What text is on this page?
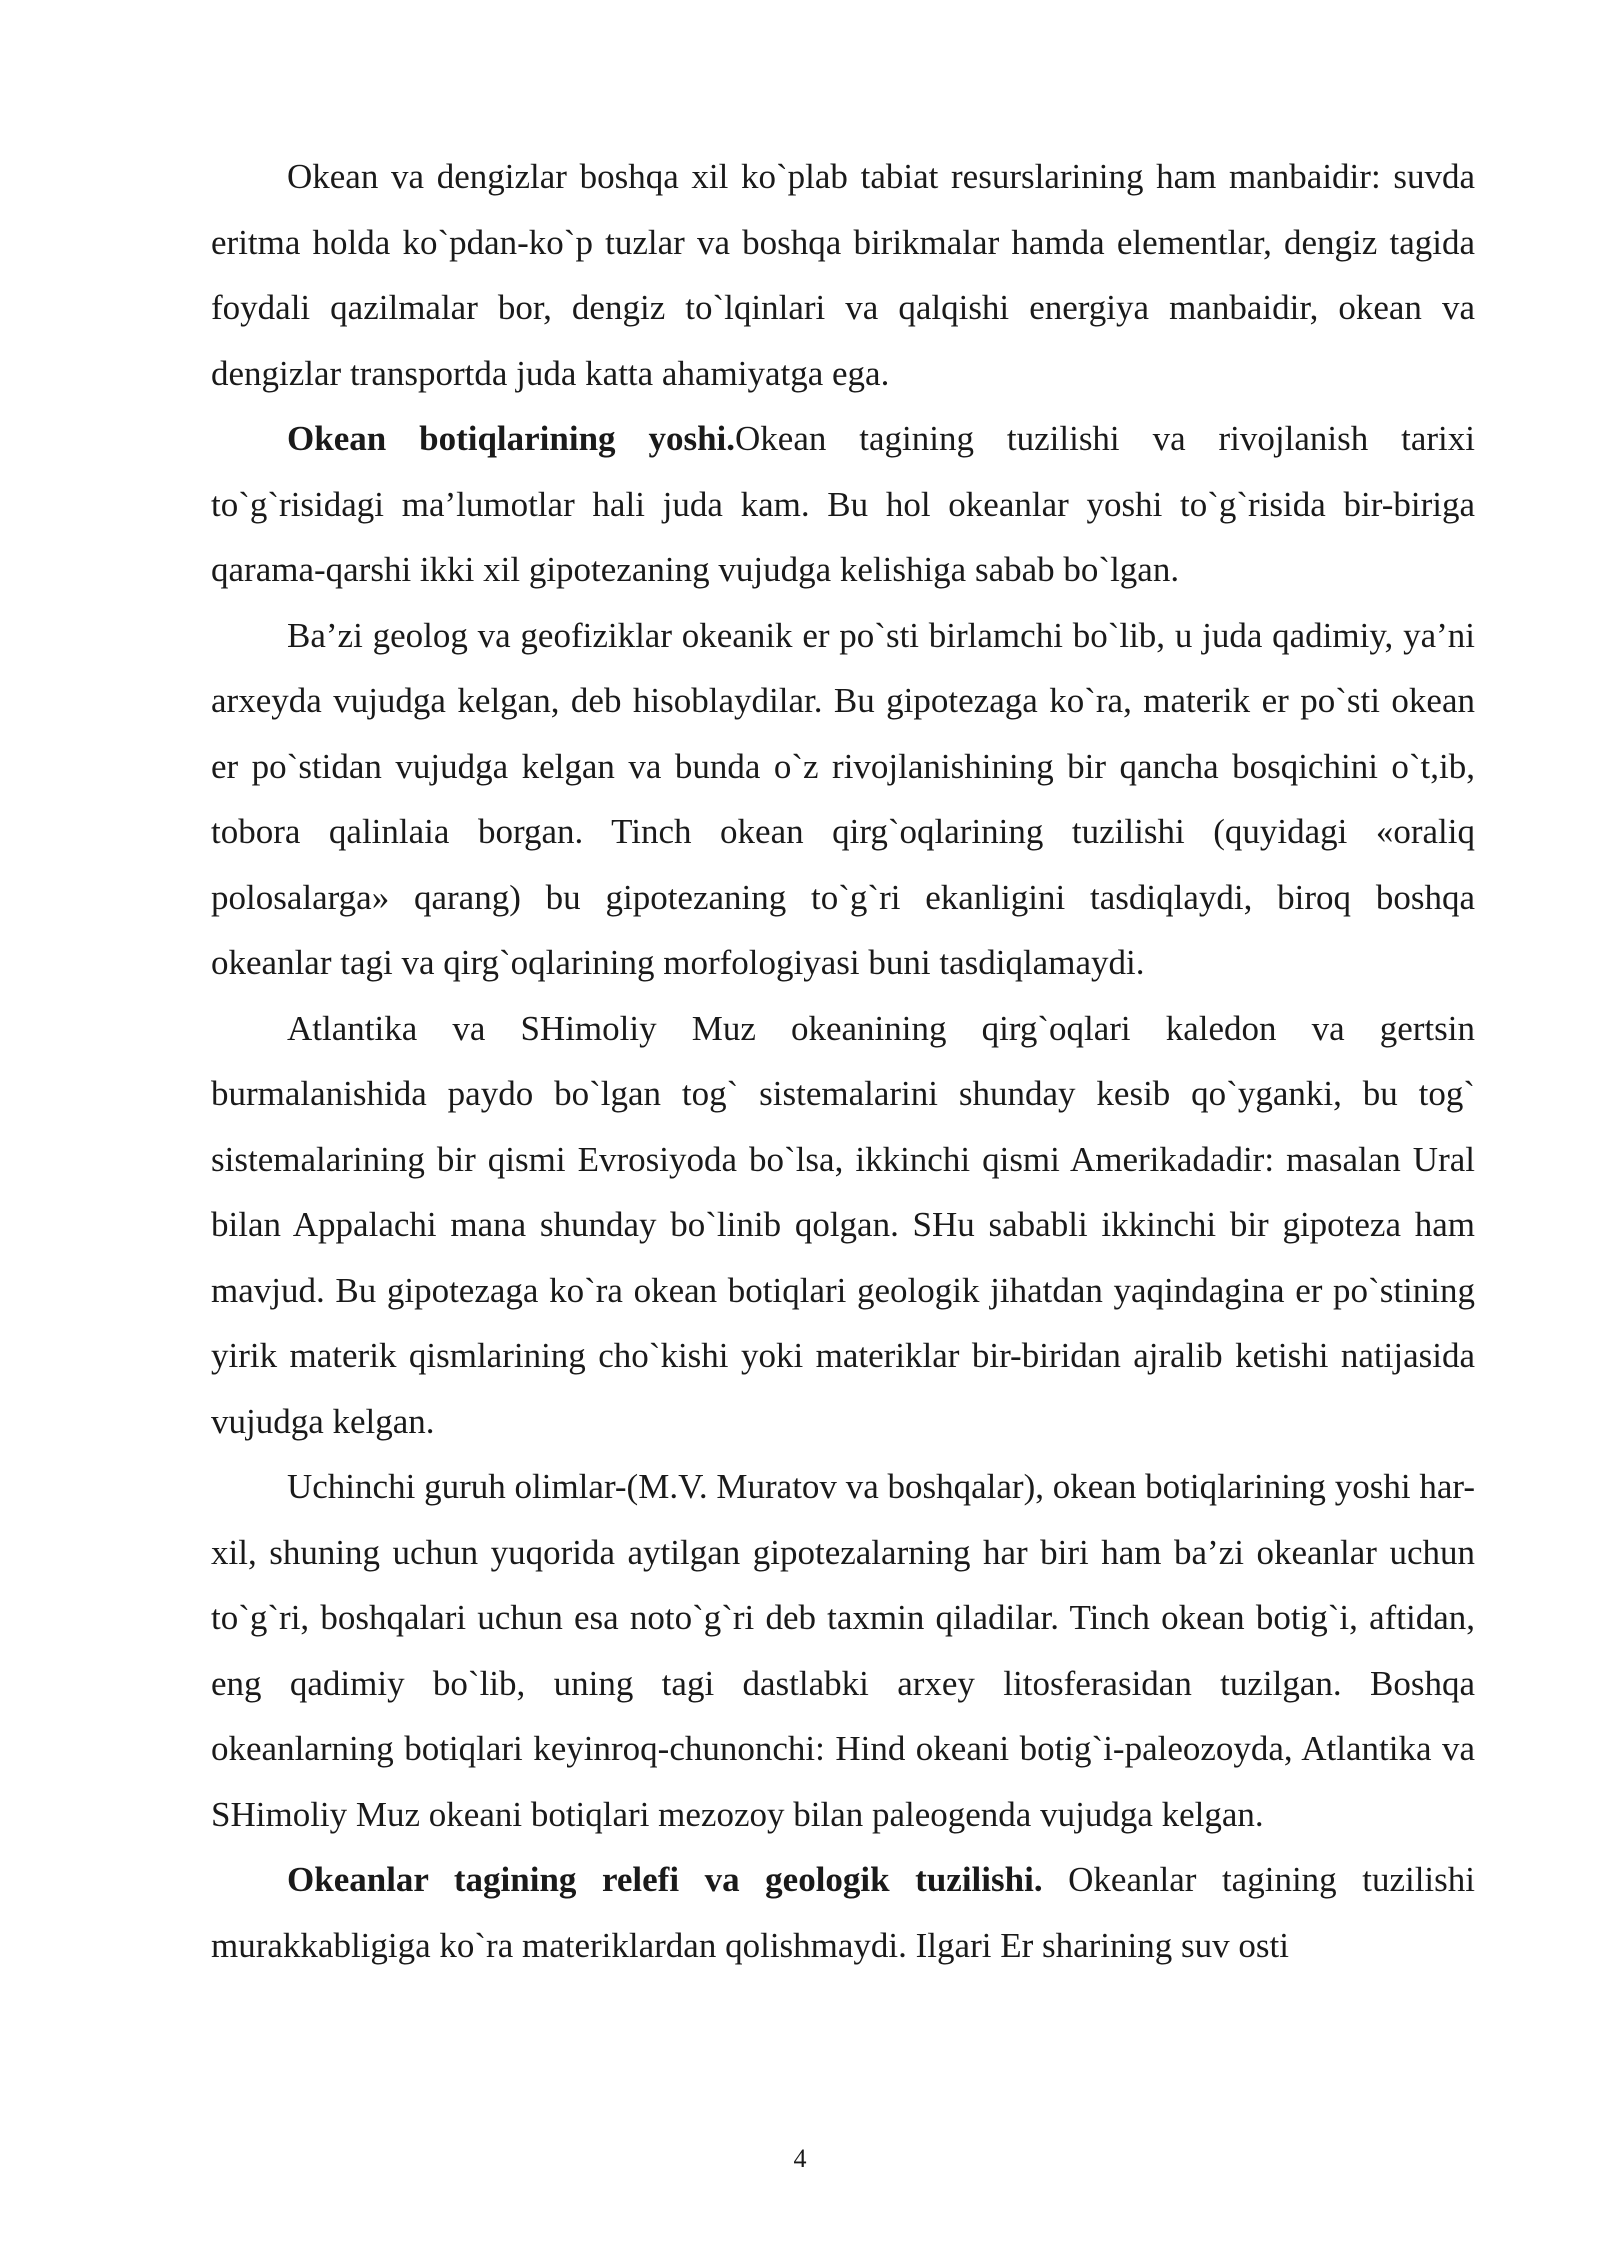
Okean va dengizlar boshqa xil ko`plab tabiat resurslarining ham manbaidir: suvda eritma holda ko`pdan-ko`p tuzlar va boshqa birikmalar hamda elementlar, dengiz tagida foydali qazilmalar bor, dengiz to`lqinlari va qalqishi energiya manbaidir, okean va dengizlar transportda juda katta ahamiyatga ega.

Okean botiqlarining yoshi.Okean tagining tuzilishi va rivojlanish tarixi to`g`risidagi ma’lumotlar hali juda kam. Bu hol okeanlar yoshi to`g`risida bir-biriga qarama-qarshi ikki xil gipotezaning vujudga kelishiga sabab bo`lgan.

Ba’zi geolog va geofiziklar okeanik er po`sti birlamchi bo`lib, u juda qadimiy, ya’ni arxeyda vujudga kelgan, deb hisoblaydilar. Bu gipotezaga ko`ra, materik er po`sti okean er po`stidan vujudga kelgan va bunda o`z rivojlanishining bir qancha bosqichini o`t,ib, tobora qalinlaia borgan. Tinch okean qirg`oqlarining tuzilishi (quyidagi «oraliq polosalarga» qarang) bu gipotezaning to`g`ri ekanligini tasdiqlaydi, biroq boshqa okeanlar tagi va qirg`oqlarining morfologiyasi buni tasdiqlamaydi.

Atlantika va SHimoliy Muz okeanining qirg`oqlari kaledon va gertsin burmalanishida paydo bo`lgan tog` sistemalarini shunday kesib qo`yganki, bu tog` sistemalarining bir qismi Evrosiyoda bo`lsa, ikkinchi qismi Amerikadadir: masalan Ural bilan Appalachi mana shunday bo`linib qolgan. SHu sababli ikkinchi bir gipoteza ham mavjud. Bu gipotezaga ko`ra okean botiqlari geologik jihatdan yaqindagina er po`stining yirik materik qismlarining cho`kishi yoki materiklar bir-biridan ajralib ketishi natijasida vujudga kelgan.

Uchinchi guruh olimlar-(M.V. Muratov va boshqalar), okean botiqlarining yoshi har-xil, shuning uchun yuqorida aytilgan gipotezalarning har biri ham ba’zi okeanlar uchun to`g`ri, boshqalari uchun esa noto`g`ri deb taxmin qiladilar. Tinch okean botig`i, aftidan, eng qadimiy bo`lib, uning tagi dastlabki arxey litosferasidan tuzilgan. Boshqa okeanlarning botiqlari keyinroq-chunonchi: Hind okeani botig`i-paleozoyda, Atlantika va SHimoliy Muz okeani botiqlari mezozoy bilan paleogenda vujudga kelgan.

Okeanlar tagining relefi va geologik tuzilishi. Okeanlar tagining tuzilishi murakkabligiga ko`ra materiklardan qolishmaydi. Ilgari Er sharining suv osti

4
